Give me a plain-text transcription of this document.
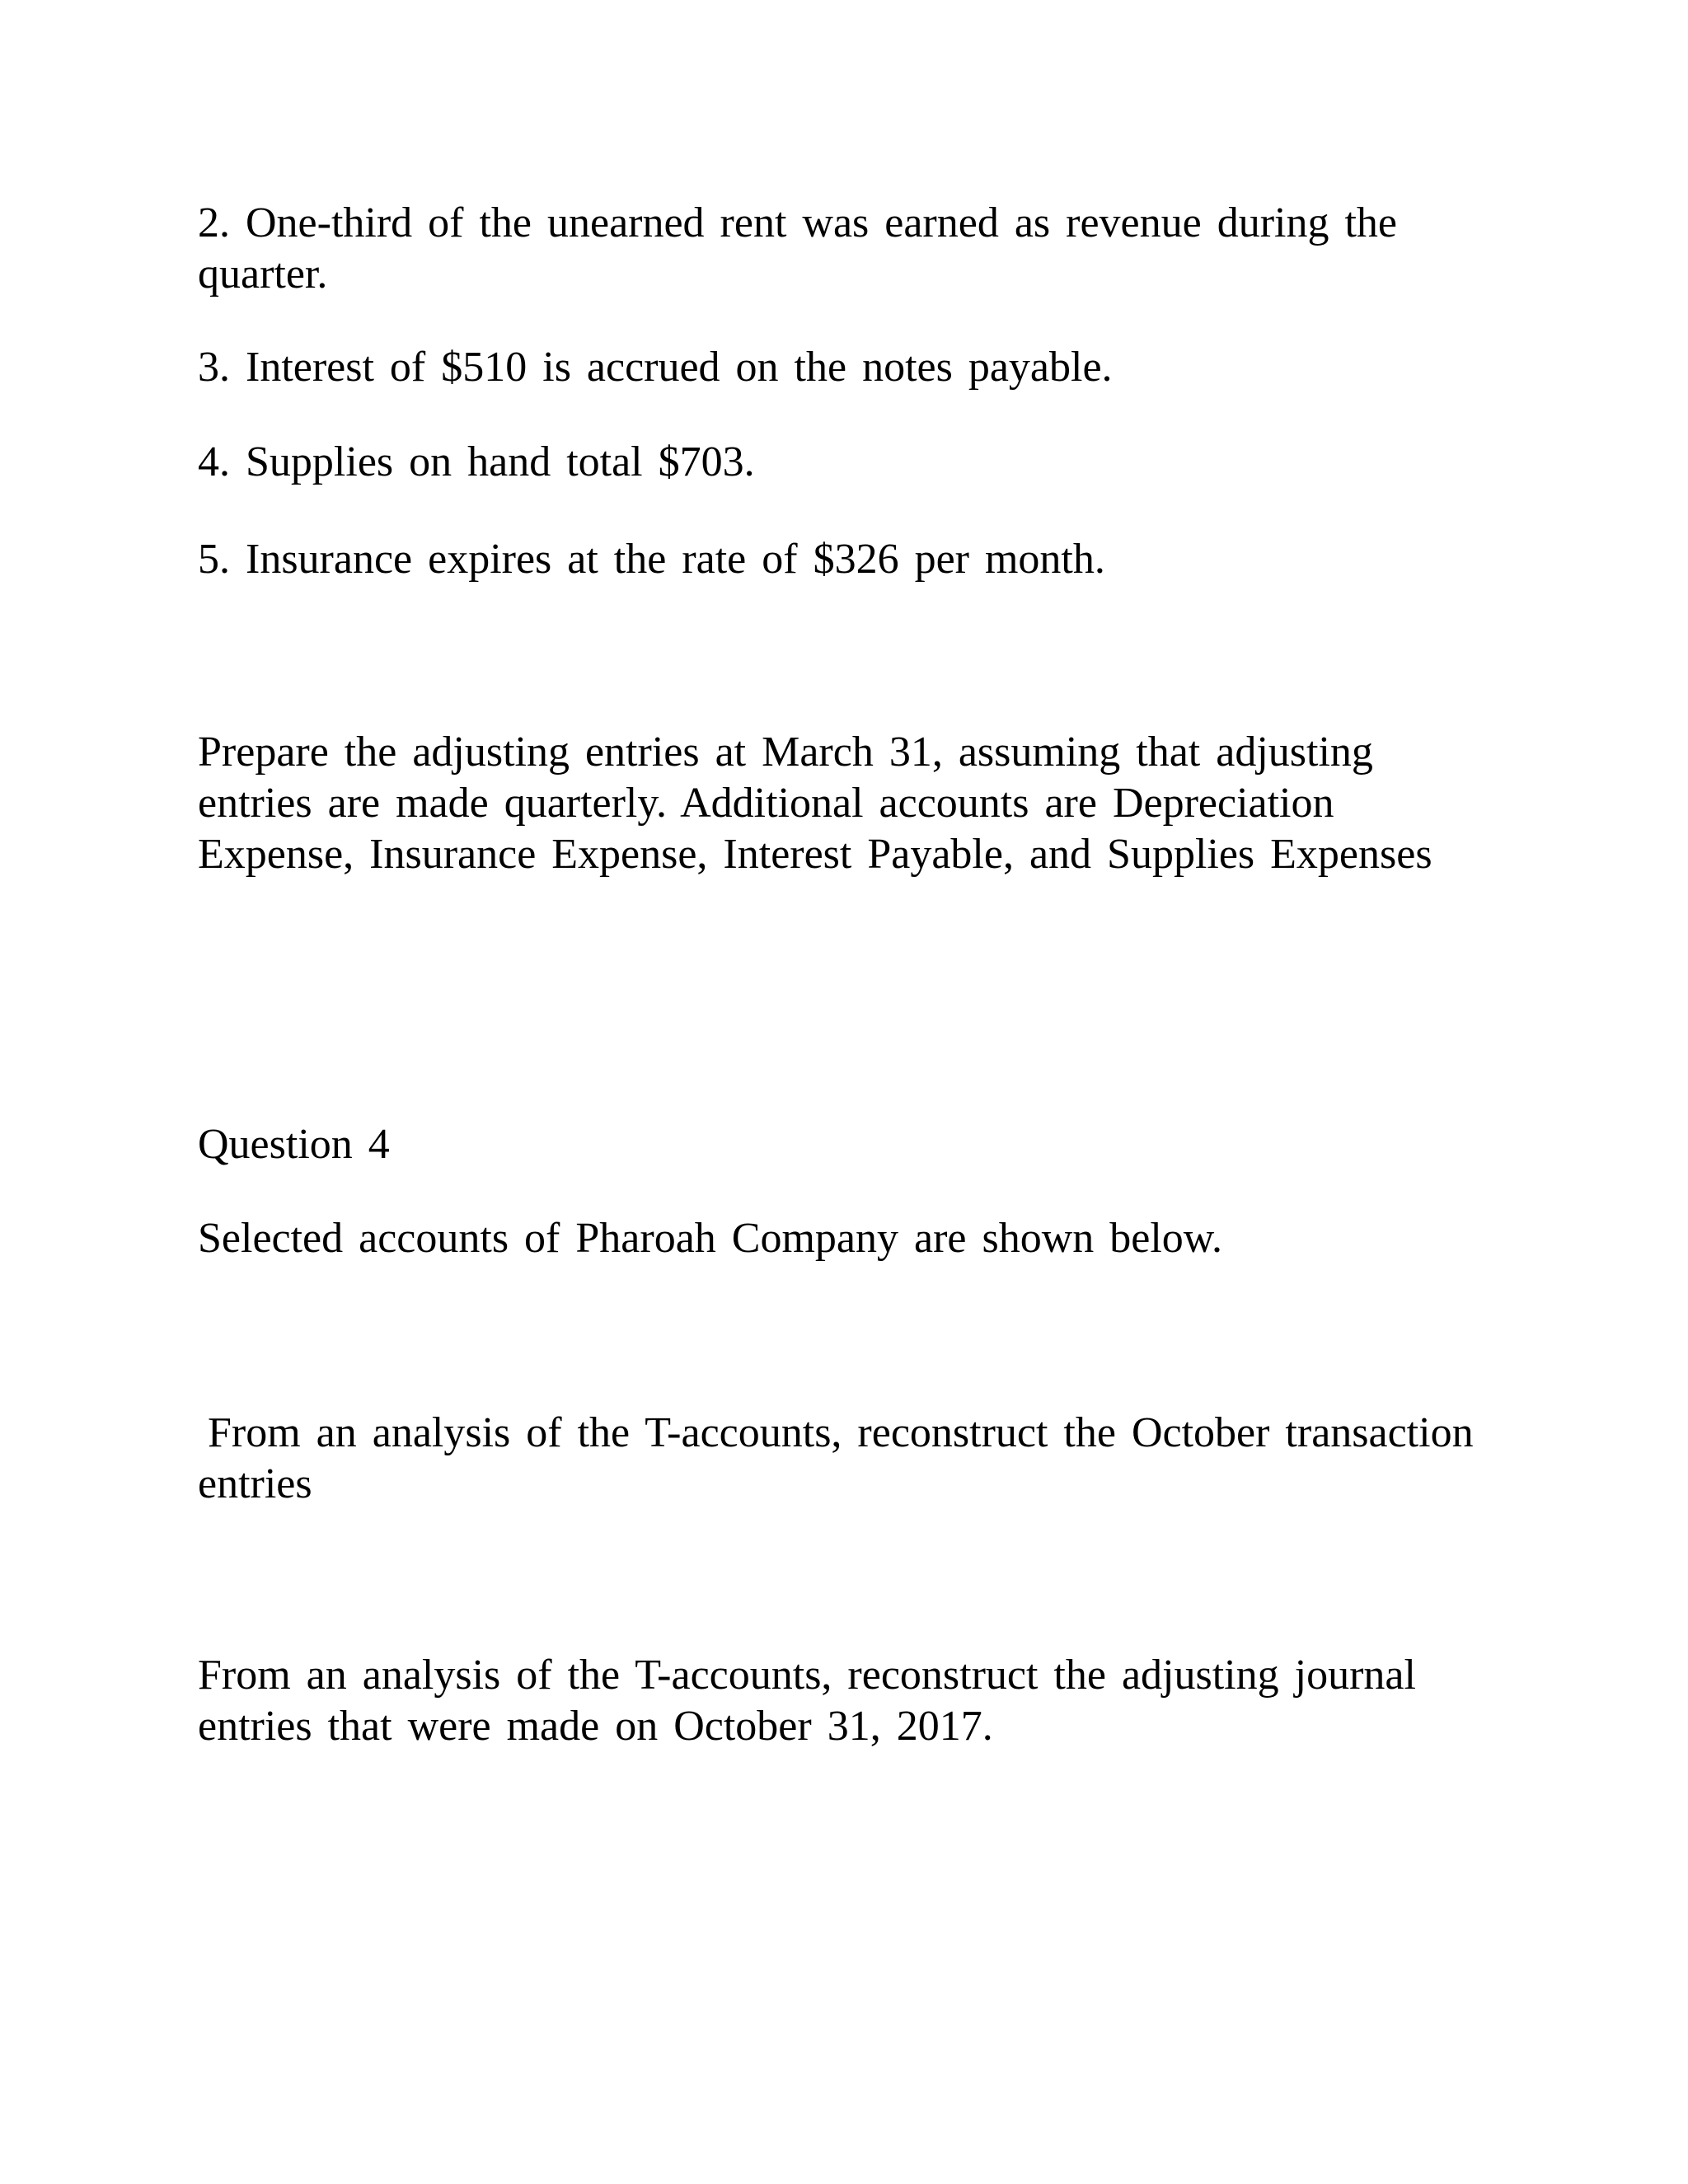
2. One-third of the unearned rent was earned as revenue during the
quarter.

3. Interest of $510 is accrued on the notes payable.

4. Supplies on hand total $703.

5. Insurance expires at the rate of $326 per month.

Prepare the adjusting entries at March 31, assuming that adjusting
entries are made quarterly. Additional accounts are Depreciation
Expense, Insurance Expense, Interest Payable, and Supplies Expenses

Question 4

Selected accounts of Pharoah Company are shown below.

From an analysis of the T-accounts, reconstruct the October transaction
entries

From an analysis of the T-accounts, reconstruct the adjusting journal
entries that were made on October 31, 2017.
